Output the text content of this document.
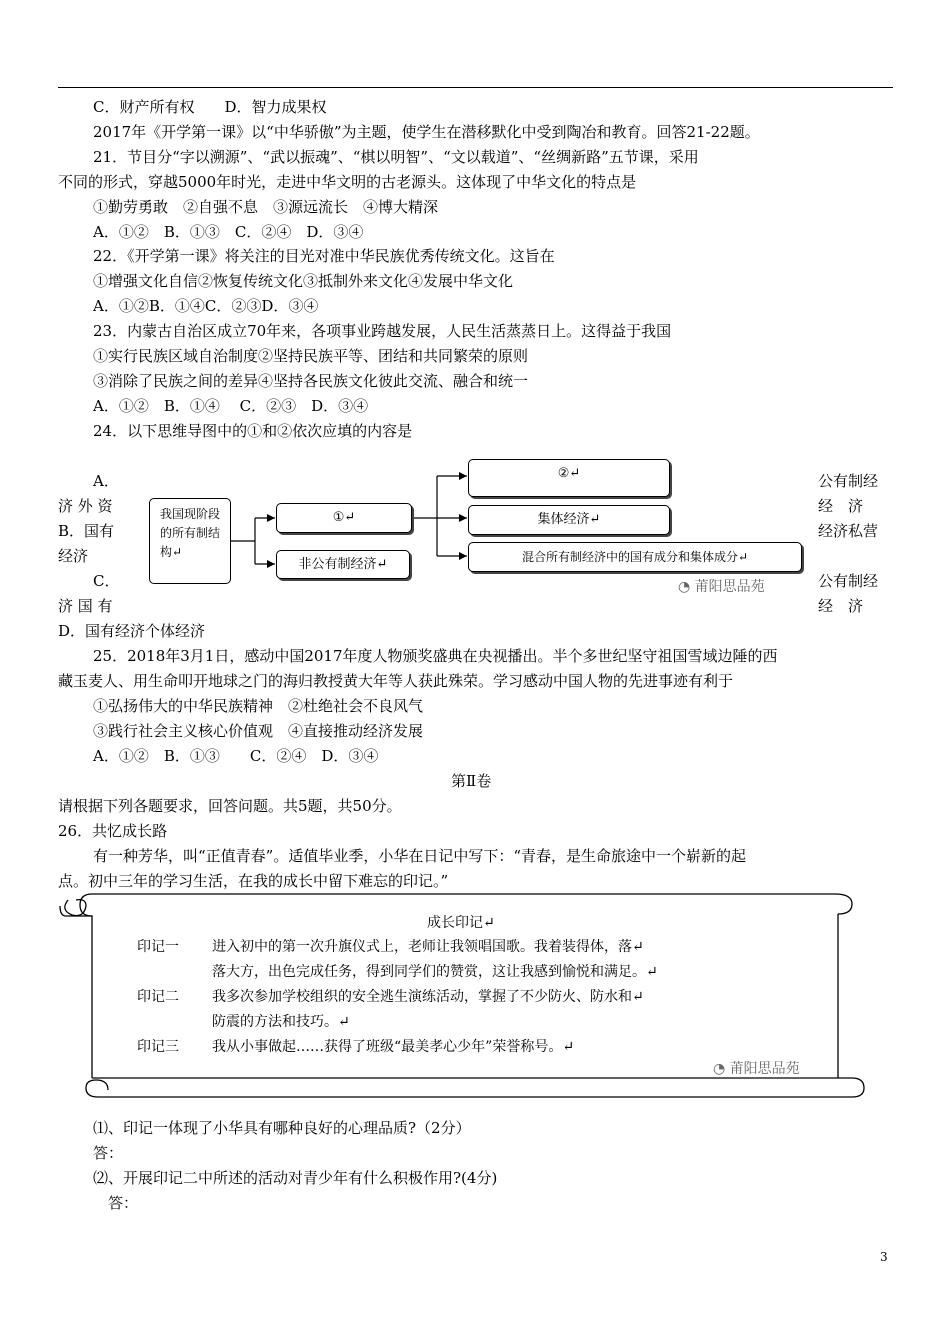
C．财产所有权　　D．智力成果权
2017年《开学第一课》以“中华骄傲”为主题，使学生在潜移默化中受到陶冶和教育。回答21-22题。
21．节目分“字以溯源”、“武以振魂”、“棋以明智”、“文以载道”、“丝绸新路”五节课，采用
不同的形式，穿越5000年时光，走进中华文明的古老源头。这体现了中华文化的特点是
①勤劳勇敢　②自强不息　③源远流长　④博大精深
A．①②　B．①③　C．②④　D．③④
22．《开学第一课》将关注的目光对准中华民族优秀传统文化。这旨在
①增强文化自信②恢复传统文化③抵制外来文化④发展中华文化
A．①②B．①④C．②③D．③④
23．内蒙古自治区成立70年来，各项事业跨越发展，人民生活蒸蒸日上。这得益于我国
①实行民族区域自治制度②坚持民族平等、团结和共同繁荣的原则
③消除了民族之间的差异④坚持各民族文化彼此交流、融合和统一
A．①②　B．①④　 C．②③　D．③④
24．以下思维导图中的①和②依次应填的内容是
A．	公有制经
济 外 资	经　济
B．国有	经济私营
经济
C．	公有制经
济 国 有	经　济
D．国有经济个体经济
我国现阶段的所有制结构↵
①↵
非公有制经济↵
②↵
集体经济↵
混合所有制经济中的国有成分和集体成分↵
◔ 莆阳思品苑
25．2018年3月1日，感动中国2017年度人物颁奖盛典在央视播出。半个多世纪坚守祖国雪域边陲的西
藏玉麦人、用生命叩开地球之门的海归教授黄大年等人获此殊荣。学习感动中国人物的先进事迹有利于
①弘扬伟大的中华民族精神　②杜绝社会不良风气
③践行社会主义核心价值观　④直接推动经济发展
A．①②　B．①③　　C．②④　D．③④
第Ⅱ卷
请根据下列各题要求，回答问题。共5题，共50分。
26．共忆成长路
有一种芳华，叫“正值青春”。适值毕业季，小华在日记中写下：“青春，是生命旅途中一个崭新的起
点。初中三年的学习生活，在我的成长中留下难忘的印记。”
成长印记↵
印记一 进入初中的第一次升旗仪式上，老师让我领唱国歌。我着装得体，落↵
落大方，出色完成任务，得到同学们的赞赏，这让我感到愉悦和满足。↵
印记二 我多次参加学校组织的安全逃生演练活动，掌握了不少防火、防水和↵
防震的方法和技巧。↵
印记三 我从小事做起……获得了班级“最美孝心少年”荣誉称号。↵
◔ 莆阳思品苑
⑴、印记一体现了小华具有哪种良好的心理品质?（2分）
答：
⑵、开展印记二中所述的活动对青少年有什么积极作用?(4分)
答：
3
